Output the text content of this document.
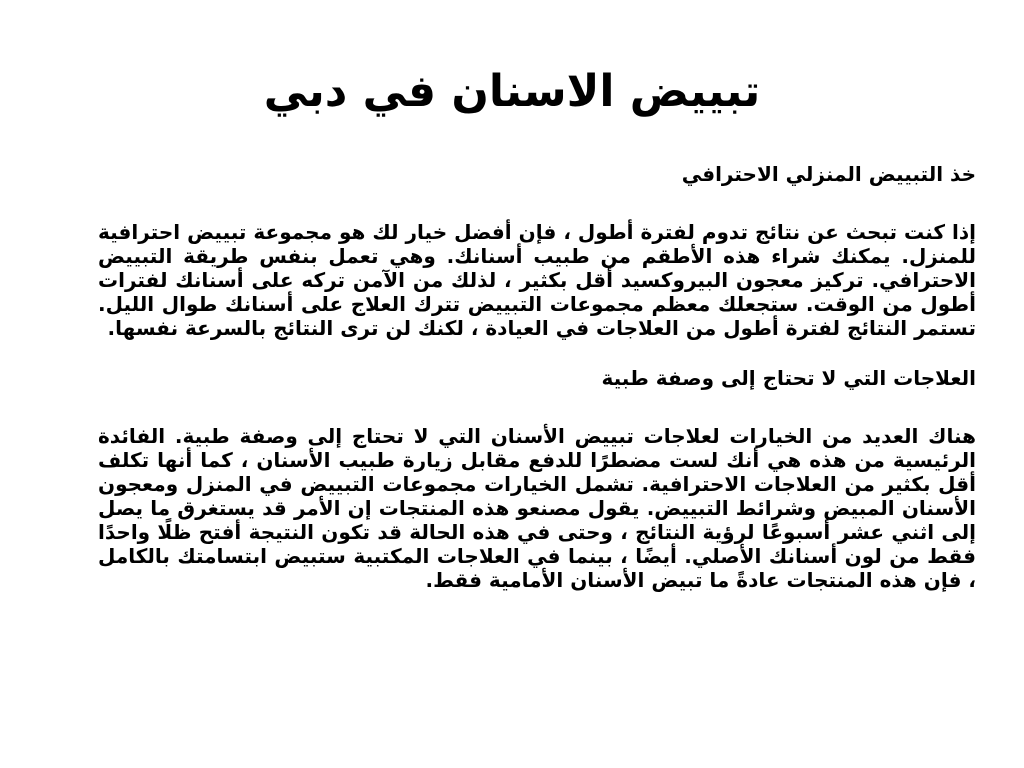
تبييض الاسنان في دبي

خذ التبييض المنزلي الاحترافي

إذا كنت تبحث عن نتائج تدوم لفترة أطول ، فإن أفضل خيار لك هو مجموعة تبييض احترافية للمنزل. يمكنك شراء هذه الأطقم من طبيب أسنانك. وهي تعمل بنفس طريقة التبييض الاحترافي. تركيز معجون البيروكسيد أقل بكثير ، لذلك من الآمن تركه على أسنانك لفترات أطول من الوقت. ستجعلك معظم مجموعات التبييض تترك العلاج على أسنانك طوال الليل. تستمر النتائج لفترة أطول من العلاجات في العيادة ، لكنك لن ترى النتائج بالسرعة نفسها.

العلاجات التي لا تحتاج إلى وصفة طبية

هناك العديد من الخيارات لعلاجات تبييض الأسنان التي لا تحتاج إلى وصفة طبية. الفائدة الرئيسية من هذه هي أنك لست مضطرًا للدفع مقابل زيارة طبيب الأسنان ، كما أنها تكلف أقل بكثير من العلاجات الاحترافية. تشمل الخيارات مجموعات التبييض في المنزل ومعجون الأسنان المبيض وشرائط التبييض. يقول مصنعو هذه المنتجات إن الأمر قد يستغرق ما يصل إلى اثني عشر أسبوعًا لرؤية النتائج ، وحتى في هذه الحالة قد تكون النتيجة أفتح ظلًا واحدًا فقط من لون أسنانك الأصلي. أيضًا ، بينما في العلاجات المكتبية ستبيض ابتسامتك بالكامل ، فإن هذه المنتجات عادةً ما تبيض الأسنان الأمامية فقط.
